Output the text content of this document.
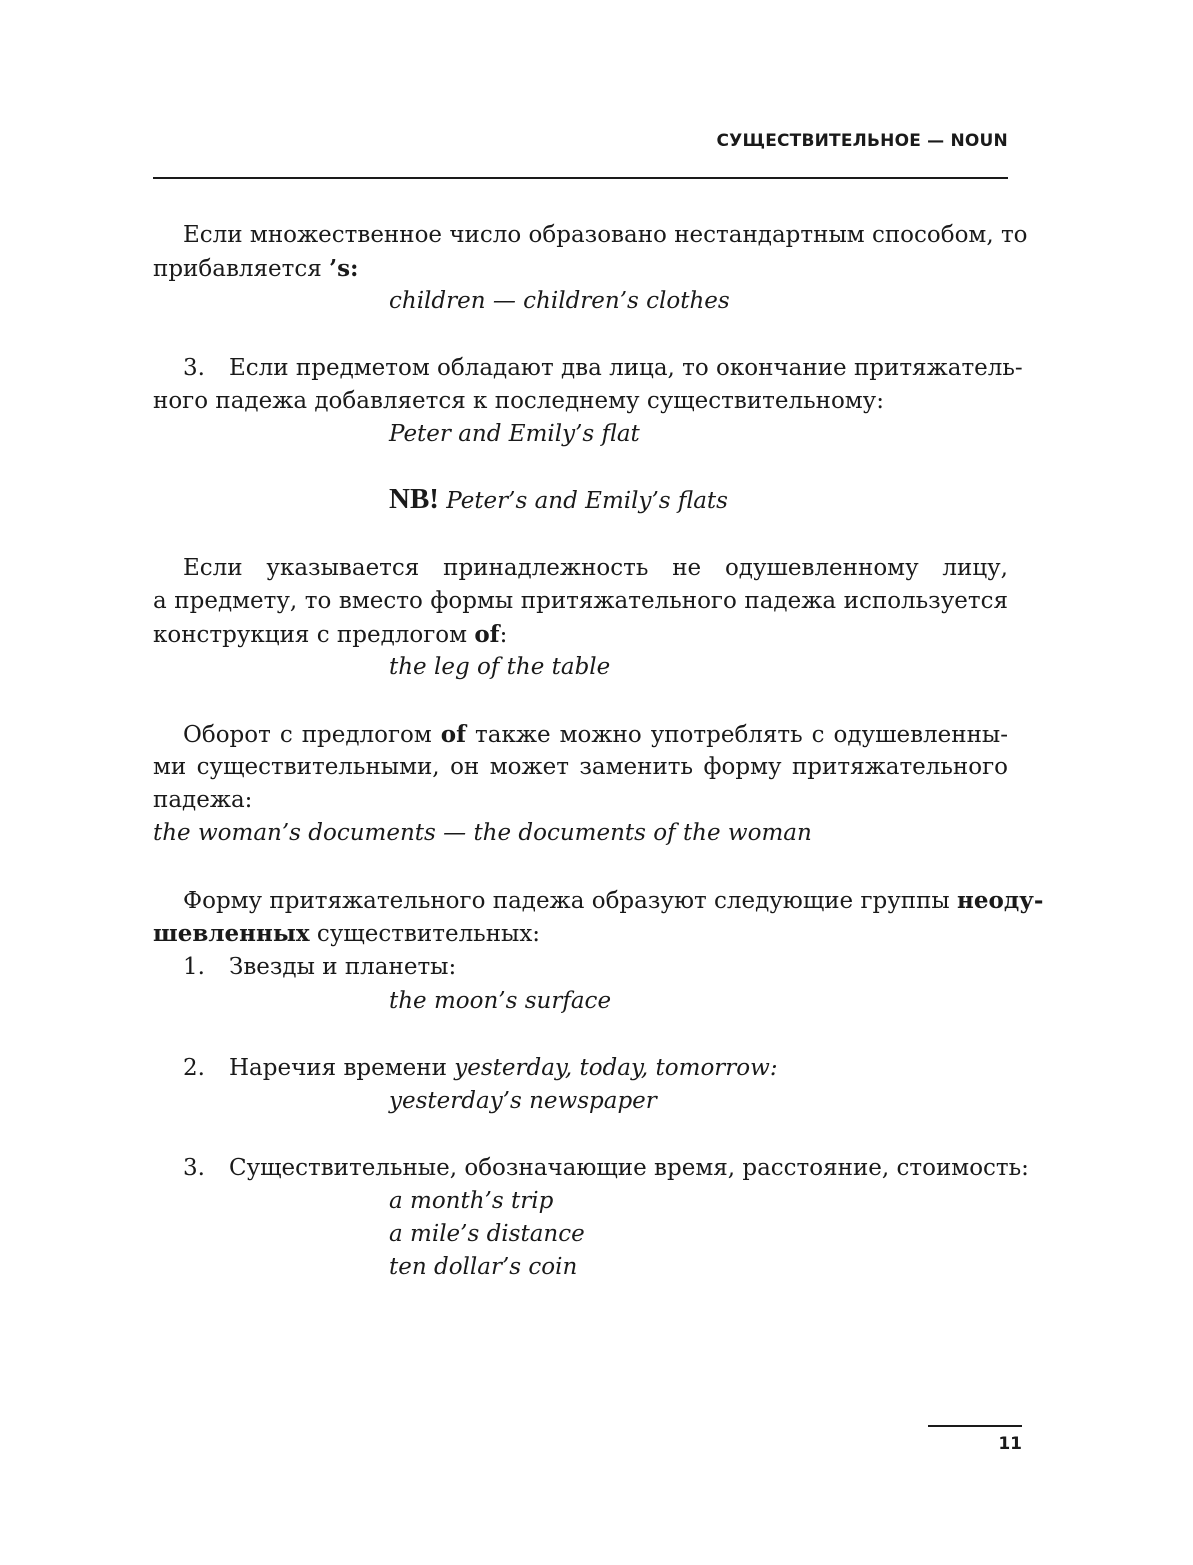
СУЩЕСТВИТЕЛЬНОЕ — NOUN
Если множественное число образовано нестандартным способом, то
прибавляется ’s:
children — children’s clothes
3. Если предметом обладают два лица, то окончание притяжатель-
ного падежа добавляется к последнему существительному:
Peter and Emily’s flat
NB! Peter’s and Emily’s flats
Если указывается принадлежность не одушевленному лицу,
а предмету, то вместо формы притяжательного падежа используется
конструкция с предлогом of:
the leg of the table
Оборот с предлогом of также можно употреблять с одушевленны-
ми существительными, он может заменить форму притяжательного
падежа:
the woman’s documents — the documents of the woman
Форму притяжательного падежа образуют следующие группы неоду-
шевленных существительных:
1. Звезды и планеты:
the moon’s surface
2. Наречия времени yesterday, today, tomorrow:
yesterday’s newspaper
3. Существительные, обозначающие время, расстояние, стоимость:
a month’s trip
a mile’s distance
ten dollar’s coin
11
